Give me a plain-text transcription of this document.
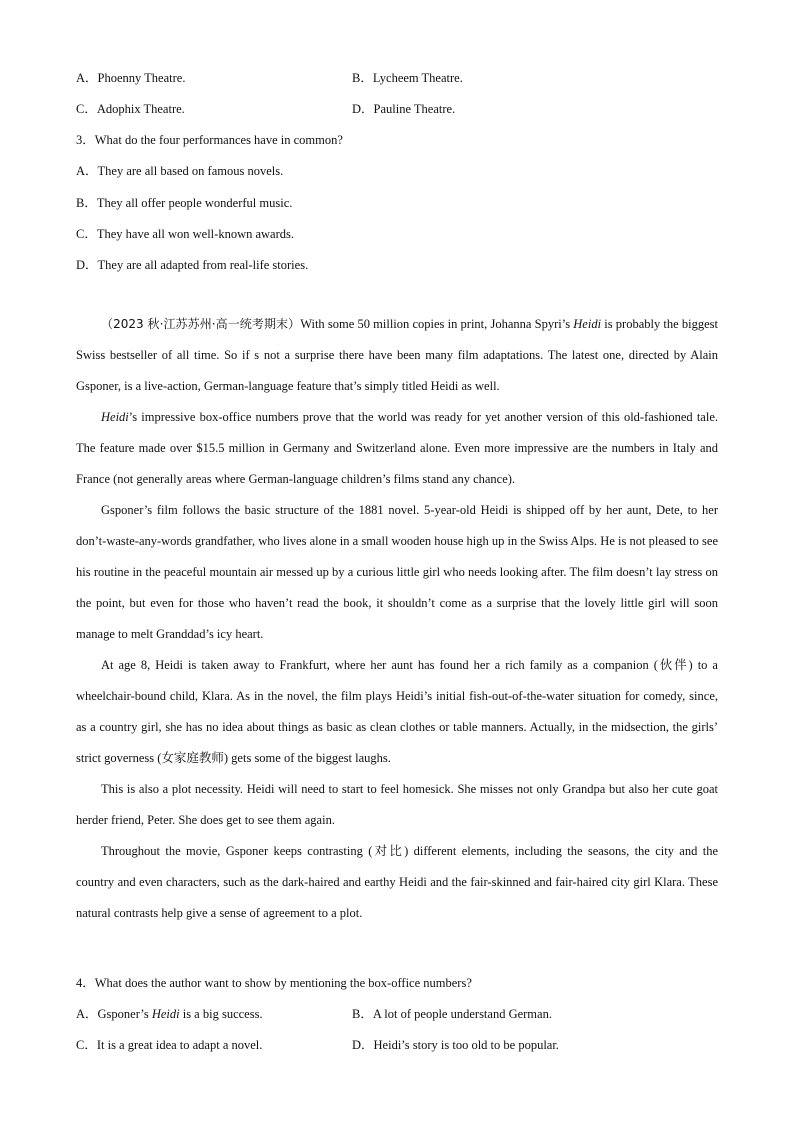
A．Phoenny Theatre.	B．Lycheem Theatre.
C．Adophix Theatre.	D．Pauline Theatre.
3．What do the four performances have in common?
A．They are all based on famous novels.
B．They all offer people wonderful music.
C．They have all won well-known awards.
D．They are all adapted from real-life stories.

（2023 秋·江苏苏州·高一统考期末）With some 50 million copies in print, Johanna Spyri’s Heidi is probably the biggest Swiss bestseller of all time. So if s not a surprise there have been many film adaptations. The latest one, directed by Alain Gsponer, is a live-action, German-language feature that’s simply titled Heidi as well.

Heidi’s impressive box-office numbers prove that the world was ready for yet another version of this old-fashioned tale. The feature made over $15.5 million in Germany and Switzerland alone. Even more impressive are the numbers in Italy and France (not generally areas where German-language children’s films stand any chance).

Gsponer’s film follows the basic structure of the 1881 novel. 5-year-old Heidi is shipped off by her aunt, Dete, to her don’t-waste-any-words grandfather, who lives alone in a small wooden house high up in the Swiss Alps. He is not pleased to see his routine in the peaceful mountain air messed up by a curious little girl who needs looking after. The film doesn’t lay stress on the point, but even for those who haven’t read the book, it shouldn’t come as a surprise that the lovely little girl will soon manage to melt Granddad’s icy heart.

At age 8, Heidi is taken away to Frankfurt, where her aunt has found her a rich family as a companion (伙伴) to a wheelchair-bound child, Klara. As in the novel, the film plays Heidi’s initial fish-out-of-the-water situation for comedy, since, as a country girl, she has no idea about things as basic as clean clothes or table manners. Actually, in the midsection, the girls’ strict governess (女家庭教师) gets some of the biggest laughs.

This is also a plot necessity. Heidi will need to start to feel homesick. She misses not only Grandpa but also her cute goat herder friend, Peter. She does get to see them again.

Throughout the movie, Gsponer keeps contrasting (对比) different elements, including the seasons, the city and the country and even characters, such as the dark-haired and earthy Heidi and the fair-skinned and fair-haired city girl Klara. These natural contrasts help give a sense of agreement to a plot.

4．What does the author want to show by mentioning the box-office numbers?
A．Gsponer’s Heidi is a big success.	B．A lot of people understand German.
C．It is a great idea to adapt a novel.	D．Heidi’s story is too old to be popular.
